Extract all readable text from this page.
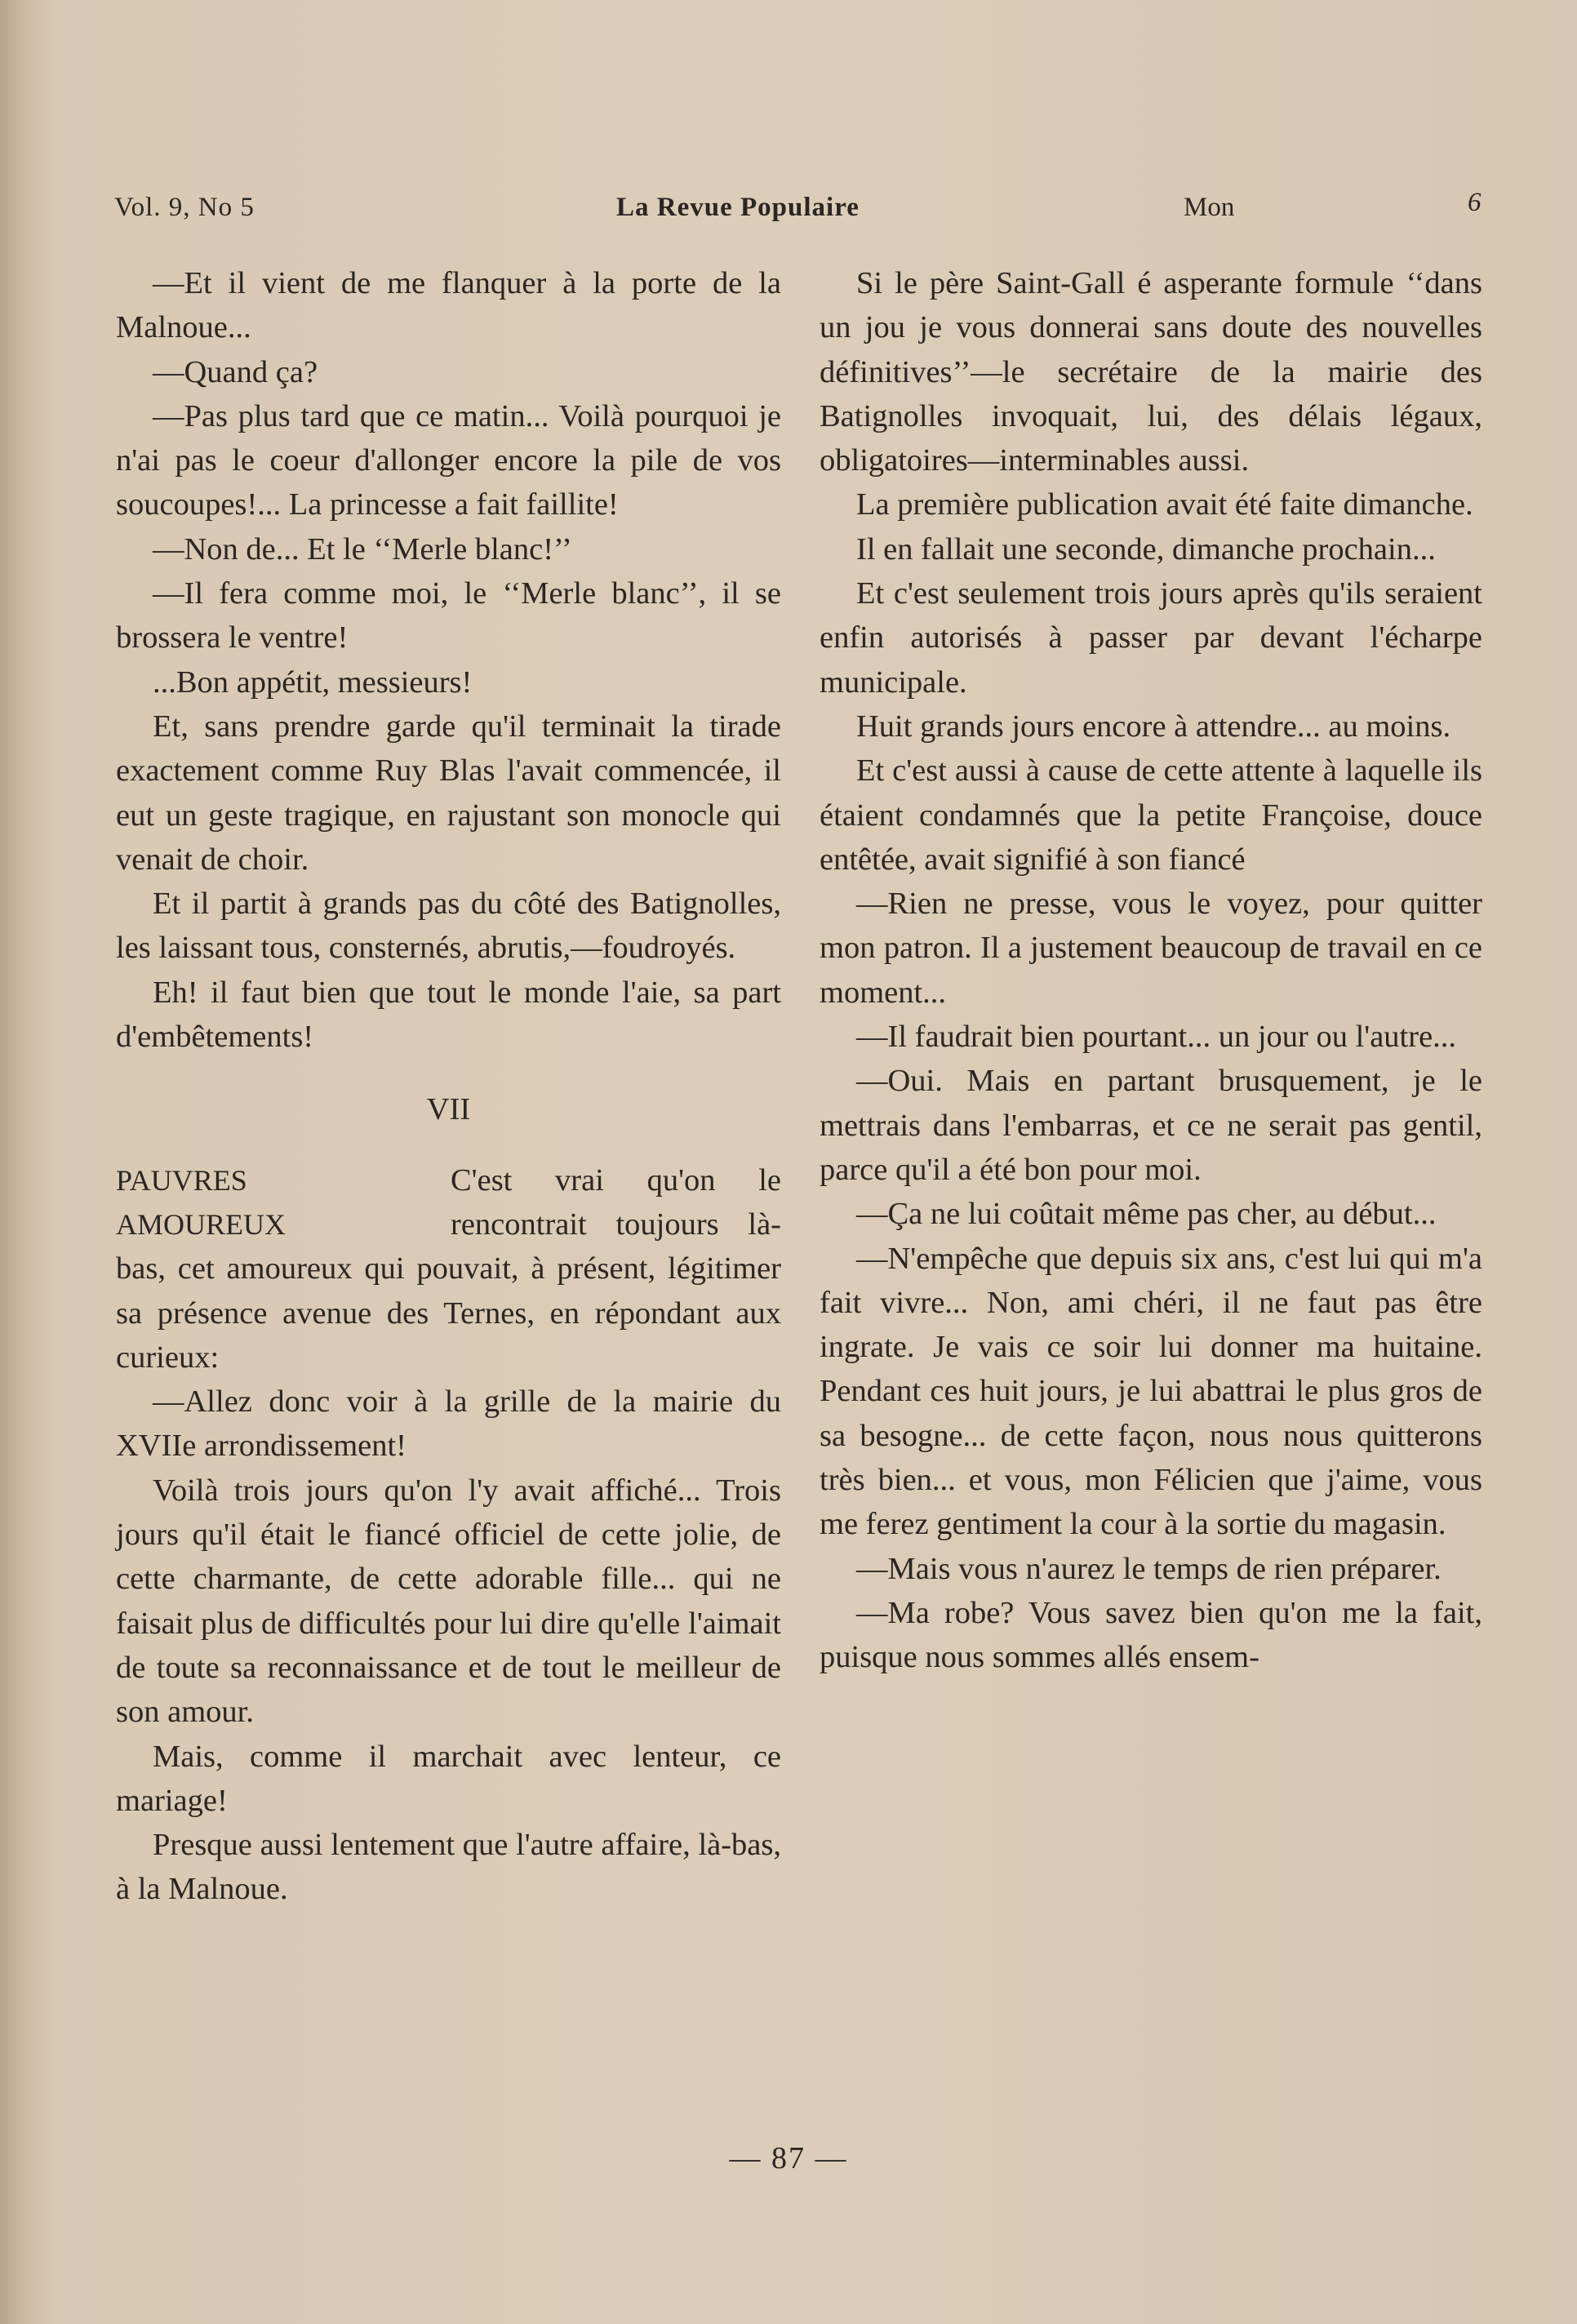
Vol. 9, No 5	La Revue Populaire	Mon	6

—Et il vient de me flanquer à la porte de la Malnoue...

—Quand ça?

—Pas plus tard que ce matin... Voilà pourquoi je n'ai pas le coeur d'allonger encore la pile de vos soucoupes!... La princesse a fait faillite!

—Non de... Et le ‘‘Merle blanc!’’

—Il fera comme moi, le ‘‘Merle blanc’’, il se brossera le ventre!

...Bon appétit, messieurs!

Et, sans prendre garde qu'il terminait la tirade exactement comme Ruy Blas l'avait commencée, il eut un geste tragique, en rajustant son monocle qui venait de choir.

Et il partit à grands pas du côté des Batignolles, les laissant tous, consternés, abrutis,—foudroyés.

Eh! il faut bien que tout le monde l'aie, sa part d'embêtements!

VII

PAUVRES
AMOUREUX

C'est vrai qu'on le rencontrait toujours là-bas, cet amoureux qui pouvait, à présent, légitimer sa présence avenue des Ternes, en répondant aux curieux:

—Allez donc voir à la grille de la mairie du XVIIe arrondissement!

Voilà trois jours qu'on l'y avait affiché... Trois jours qu'il était le fiancé officiel de cette jolie, de cette charmante, de cette adorable fille... qui ne faisait plus de difficultés pour lui dire qu'elle l'aimait de toute sa reconnaissance et de tout le meilleur de son amour.

Mais, comme il marchait avec lenteur, ce mariage!

Presque aussi lentement que l'autre affaire, là-bas, à la Malnoue.

Si le père Saint-Gall é asperante formule ‘‘dans un jou je vous donnerai sans doute des nouvelles définitives’’—le secrétaire de la mairie des Batignolles invoquait, lui, des délais légaux, obligatoires—interminables aussi.

La première publication avait été faite dimanche.

Il en fallait une seconde, dimanche prochain...

Et c'est seulement trois jours après qu'ils seraient enfin autorisés à passer par devant l'écharpe municipale.

Huit grands jours encore à attendre... au moins.

Et c'est aussi à cause de cette attente à laquelle ils étaient condamnés que la petite Françoise, douce entêtée, avait signifié à son fiancé

—Rien ne presse, vous le voyez, pour quitter mon patron. Il a justement beaucoup de travail en ce moment...

—Il faudrait bien pourtant... un jour ou l'autre...

—Oui. Mais en partant brusquement, je le mettrais dans l'embarras, et ce ne serait pas gentil, parce qu'il a été bon pour moi.

—Ça ne lui coûtait même pas cher, au début...

—N'empêche que depuis six ans, c'est lui qui m'a fait vivre... Non, ami chéri, il ne faut pas être ingrate. Je vais ce soir lui donner ma huitaine. Pendant ces huit jours, je lui abattrai le plus gros de sa besogne... de cette façon, nous nous quitterons très bien... et vous, mon Félicien que j'aime, vous me ferez gentiment la cour à la sortie du magasin.

—Mais vous n'aurez le temps de rien préparer.

—Ma robe? Vous savez bien qu'on me la fait, puisque nous sommes allés ensem-

— 87 —
